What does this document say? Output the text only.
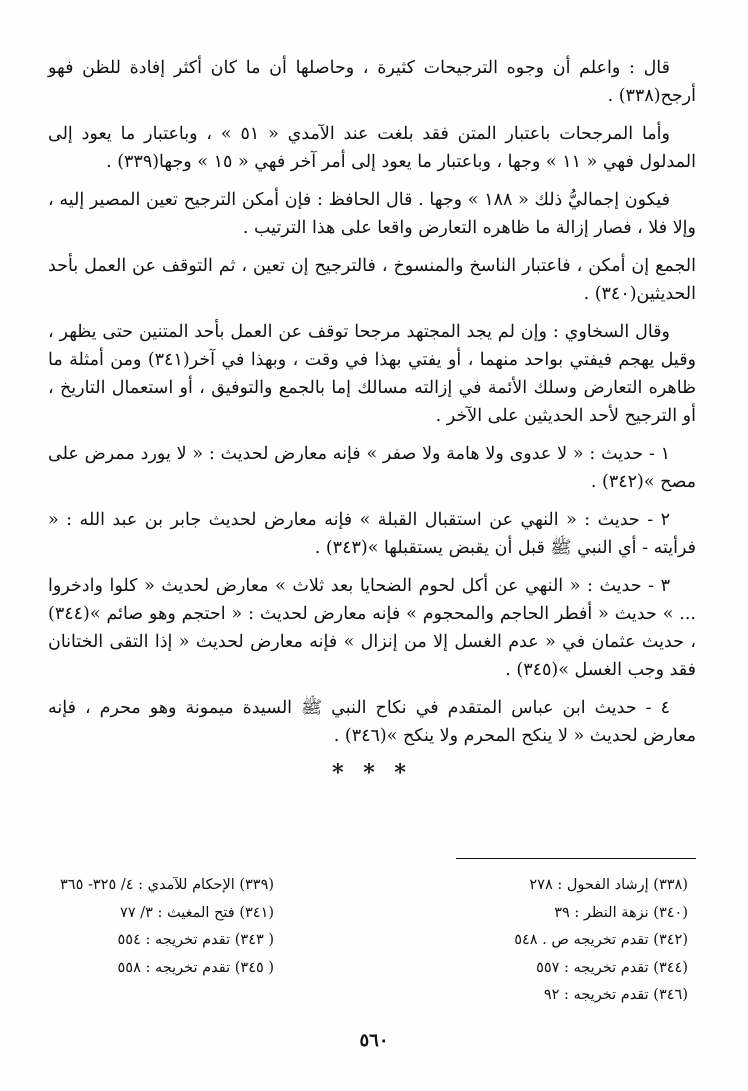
قال : واعلم أن وجوه الترجيحات كثيرة ، وحاصلها أن ما كان أكثر إفادة للظن فهو أرجح(٣٣٨) .

وأما المرجحات باعتبار المتن فقد بلغت عند الآمدي « ٥١ » ، وباعتبار ما يعود إلى المدلول فهي « ١١ » وجها ، وباعتبار ما يعود إلى أمر آخر فهي « ١٥ » وجها(٣٣٩) .

فيكون إجماليُّ ذلك « ١٨٨ » وجها . قال الحافظ : فإن أمكن الترجيح تعين المصير إليه ، وإلا فلا ، فصار إزالة ما ظاهره التعارض واقعا على هذا الترتيب .

الجمع إن أمكن ، فاعتبار الناسخ والمنسوخ ، فالترجيح إن تعين ، ثم التوقف عن العمل بأحد الحديثين(٣٤٠) .

وقال السخاوي : وإن لم يجد المجتهد مرجحا توقف عن العمل بأحد المتنين حتى يظهر ، وقيل يهجم فيفتي بواحد منهما ، أو يفتي بهذا في وقت ، وبهذا في آخر(٣٤١) ومن أمثلة ما ظاهره التعارض وسلك الأئمة في إزالته مسالك إما بالجمع والتوفيق ، أو استعمال التاريخ ، أو الترجيح لأحد الحديثين على الآخر .

١ - حديث : « لا عدوى ولا هامة ولا صفر » فإنه معارض لحديث : « لا يورد ممرض على مصح »(٣٤٢) .

٢ - حديث : « النهي عن استقبال القبلة » فإنه معارض لحديث جابر بن عبد الله : « فرأيته - أي النبي ﷺ قبل أن يقبض يستقبلها »(٣٤٣) .

٣ - حديث : « النهي عن أكل لحوم الضحايا بعد ثلاث » معارض لحديث « كلوا وادخروا ... » حديث « أفطر الحاجم والمحجوم » فإنه معارض لحديث : « احتجم وهو صائم »(٣٤٤) ، حديث عثمان في « عدم الغسل إلا من إنزال » فإنه معارض لحديث « إذا التقى الختانان فقد وجب الغسل »(٣٤٥) .

٤ - حديث ابن عباس المتقدم في نكاح النبي ﷺ السيدة ميمونة وهو محرم ، فإنه معارض لحديث « لا ينكح المحرم ولا ينكح »(٣٤٦) .

* * *
(٣٣٨) إرشاد الفحول : ٢٧٨
(٣٤٠) نزهة النظر : ٣٩
(٣٤٢) تقدم تخريجه ص . ٥٤٨
(٣٤٤) تقدم تخريجه : ٥٥٧
(٣٤٦) تقدم تخريجه : ٩٢
(٣٣٩) الإحكام للآمدي : ٤/ ٣٢٥- ٣٦٥
(٣٤١) فتح المغيث : ٣/ ٧٧
( ٣٤٣) تقدم تخريجه : ٥٥٤
( ٣٤٥) تقدم تخريجه : ٥٥٨
٥٦٠
